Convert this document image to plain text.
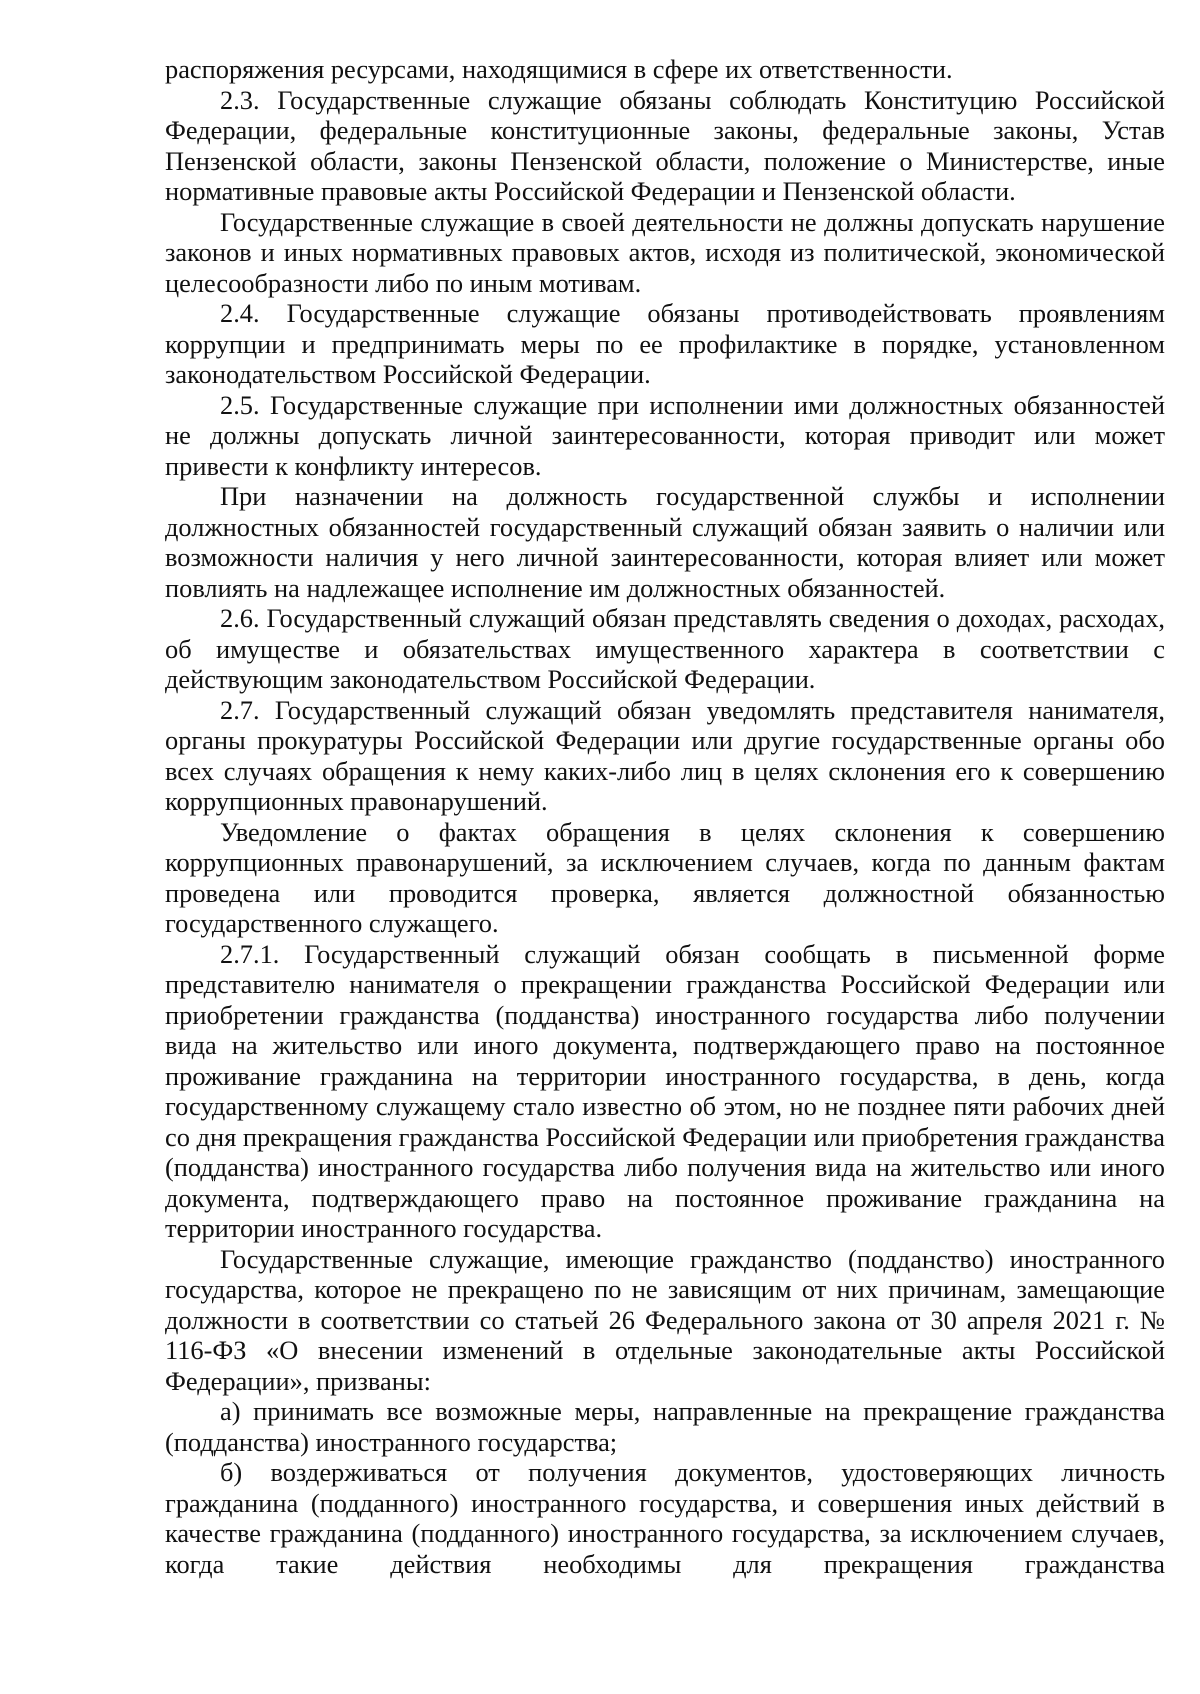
распоряжения ресурсами, находящимися в сфере их ответственности.

2.3. Государственные служащие обязаны соблюдать Конституцию Российской Федерации, федеральные конституционные законы, федеральные законы, Устав Пензенской области, законы Пензенской области, положение о Министерстве, иные нормативные правовые акты Российской Федерации и Пензенской области.

Государственные служащие в своей деятельности не должны допускать нарушение законов и иных нормативных правовых актов, исходя из политической, экономической целесообразности либо по иным мотивам.

2.4. Государственные служащие обязаны противодействовать проявлениям коррупции и предпринимать меры по ее профилактике в порядке, установленном законодательством Российской Федерации.

2.5. Государственные служащие при исполнении ими должностных обязанностей не должны допускать личной заинтересованности, которая приводит или может привести к конфликту интересов.

При назначении на должность государственной службы и исполнении должностных обязанностей государственный служащий обязан заявить о наличии или возможности наличия у него личной заинтересованности, которая влияет или может повлиять на надлежащее исполнение им должностных обязанностей.

2.6. Государственный служащий обязан представлять сведения о доходах, расходах, об имуществе и обязательствах имущественного характера в соответствии с действующим законодательством Российской Федерации.

2.7. Государственный служащий обязан уведомлять представителя нанимателя, органы прокуратуры Российской Федерации или другие государственные органы обо всех случаях обращения к нему каких-либо лиц в целях склонения его к совершению коррупционных правонарушений.

Уведомление о фактах обращения в целях склонения к совершению коррупционных правонарушений, за исключением случаев, когда по данным фактам проведена или проводится проверка, является должностной обязанностью государственного служащего.

2.7.1. Государственный служащий обязан сообщать в письменной форме представителю нанимателя о прекращении гражданства Российской Федерации или приобретении гражданства (подданства) иностранного государства либо получении вида на жительство или иного документа, подтверждающего право на постоянное проживание гражданина на территории иностранного государства, в день, когда государственному служащему стало известно об этом, но не позднее пяти рабочих дней со дня прекращения гражданства Российской Федерации или приобретения гражданства (подданства) иностранного государства либо получения вида на жительство или иного документа, подтверждающего право на постоянное проживание гражданина на территории иностранного государства.

Государственные служащие, имеющие гражданство (подданство) иностранного государства, которое не прекращено по не зависящим от них причинам, замещающие должности в соответствии со статьей 26 Федерального закона от 30 апреля 2021 г. № 116-ФЗ «О внесении изменений в отдельные законодательные акты Российской Федерации», призваны:

а) принимать все возможные меры, направленные на прекращение гражданства (подданства) иностранного государства;

б) воздерживаться от получения документов, удостоверяющих личность гражданина (подданного) иностранного государства, и совершения иных действий в качестве гражданина (подданного) иностранного государства, за исключением случаев, когда такие действия необходимы для прекращения гражданства
